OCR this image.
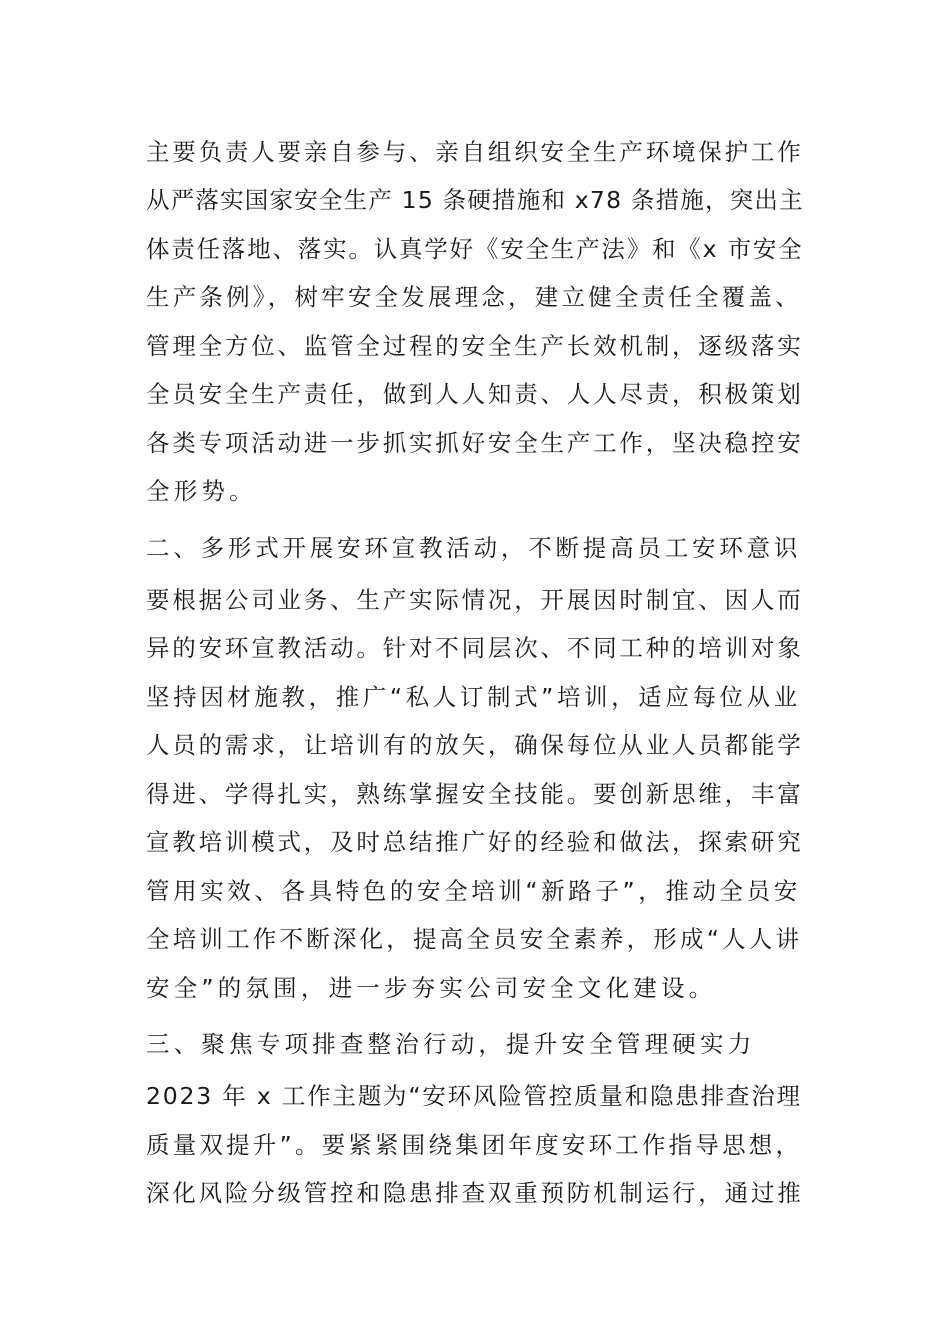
主要负责人要亲自参与、亲自组织安全生产环境保护工作
从严落实国家安全生产 15 条硬措施和 x78 条措施，突出主
体责任落地、落实。认真学好《安全生产法》和《x 市安全
生产条例》，树牢安全发展理念，建立健全责任全覆盖、
管理全方位、监管全过程的安全生产长效机制，逐级落实
全员安全生产责任，做到人人知责、人人尽责，积极策划
各类专项活动进一步抓实抓好安全生产工作，坚决稳控安
全形势。
二、多形式开展安环宣教活动，不断提高员工安环意识
要根据公司业务、生产实际情况，开展因时制宜、因人而
异的安环宣教活动。针对不同层次、不同工种的培训对象
坚持因材施教，推广“私人订制式”培训，适应每位从业
人员的需求，让培训有的放矢，确保每位从业人员都能学
得进、学得扎实，熟练掌握安全技能。要创新思维，丰富
宣教培训模式，及时总结推广好的经验和做法，探索研究
管用实效、各具特色的安全培训“新路子”，推动全员安
全培训工作不断深化，提高全员安全素养，形成“人人讲
安全”的氛围，进一步夯实公司安全文化建设。
三、聚焦专项排查整治行动，提升安全管理硬实力
2023 年 x 工作主题为“安环风险管控质量和隐患排查治理
质量双提升”。要紧紧围绕集团年度安环工作指导思想，
深化风险分级管控和隐患排查双重预防机制运行，通过推
